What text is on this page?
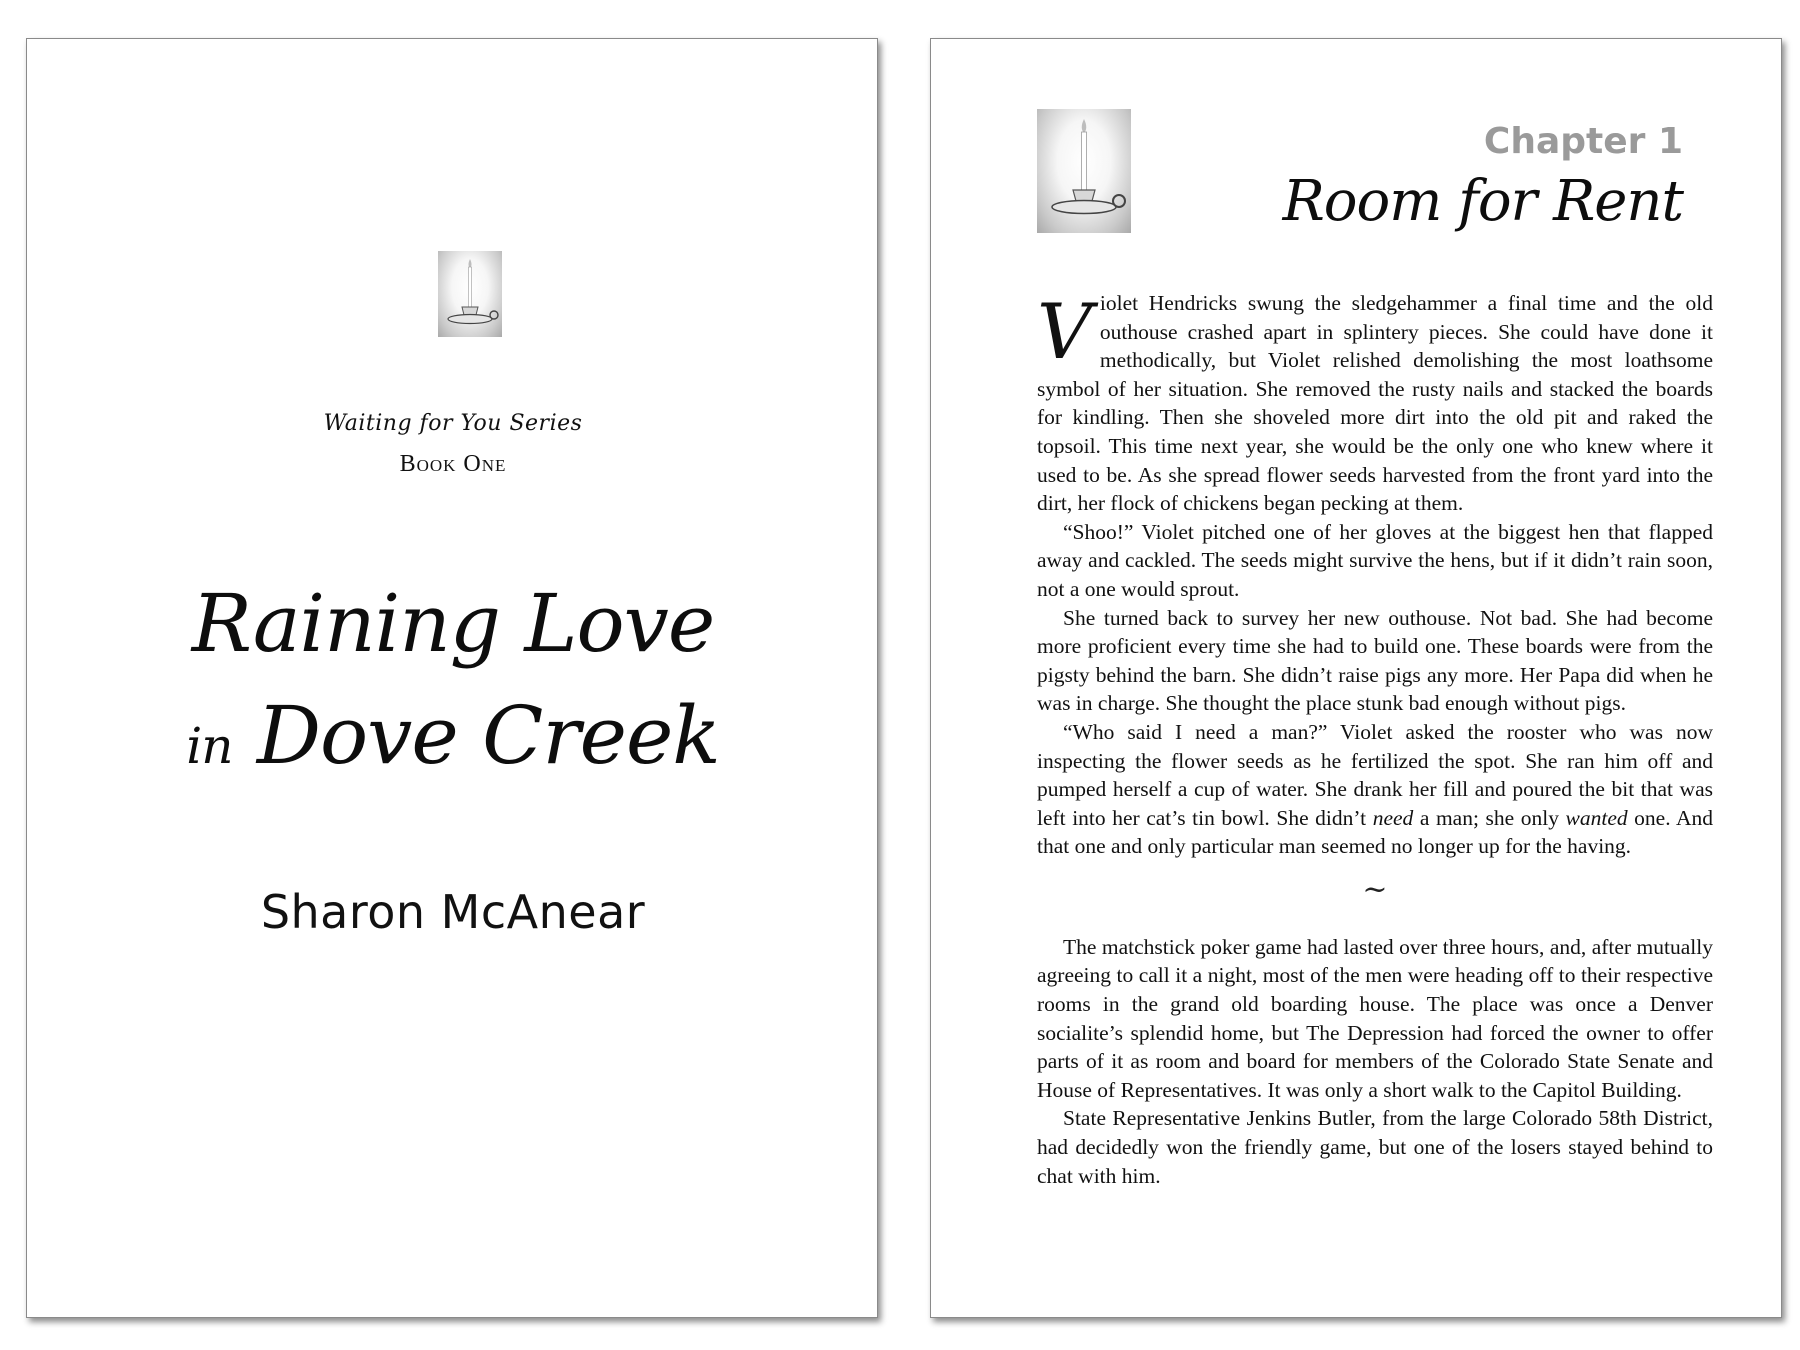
Waiting for You Series
Book One
Raining Love
in Dove Creek
Sharon McAnear
Chapter 1
Room for Rent

Violet Hendricks swung the sledgehammer a final time and the old outhouse crashed apart in splintery pieces. She could have done it methodically, but Violet relished demolishing the most loathsome symbol of her situation. She removed the rusty nails and stacked the boards for kindling. Then she shoveled more dirt into the old pit and raked the topsoil. This time next year, she would be the only one who knew where it used to be. As she spread flower seeds harvested from the front yard into the dirt, her flock of chickens began pecking at them.

“Shoo!” Violet pitched one of her gloves at the biggest hen that flapped away and cackled. The seeds might survive the hens, but if it didn’t rain soon, not a one would sprout.

She turned back to survey her new outhouse. Not bad. She had become more proficient every time she had to build one. These boards were from the pigsty behind the barn. She didn’t raise pigs any more. Her Papa did when he was in charge. She thought the place stunk bad enough without pigs.

“Who said I need a man?” Violet asked the rooster who was now inspecting the flower seeds as he fertilized the spot. She ran him off and pumped herself a cup of water. She drank her fill and poured the bit that was left into her cat’s tin bowl. She didn’t need a man; she only wanted one. And that one and only particular man seemed no longer up for the having.

~

The matchstick poker game had lasted over three hours, and, after mutually agreeing to call it a night, most of the men were heading off to their respective rooms in the grand old boarding house. The place was once a Denver socialite’s splendid home, but The Depression had forced the owner to offer parts of it as room and board for members of the Colorado State Senate and House of Representatives. It was only a short walk to the Capitol Building.

State Representative Jenkins Butler, from the large Colorado 58th District, had decidedly won the friendly game, but one of the losers stayed behind to chat with him.
